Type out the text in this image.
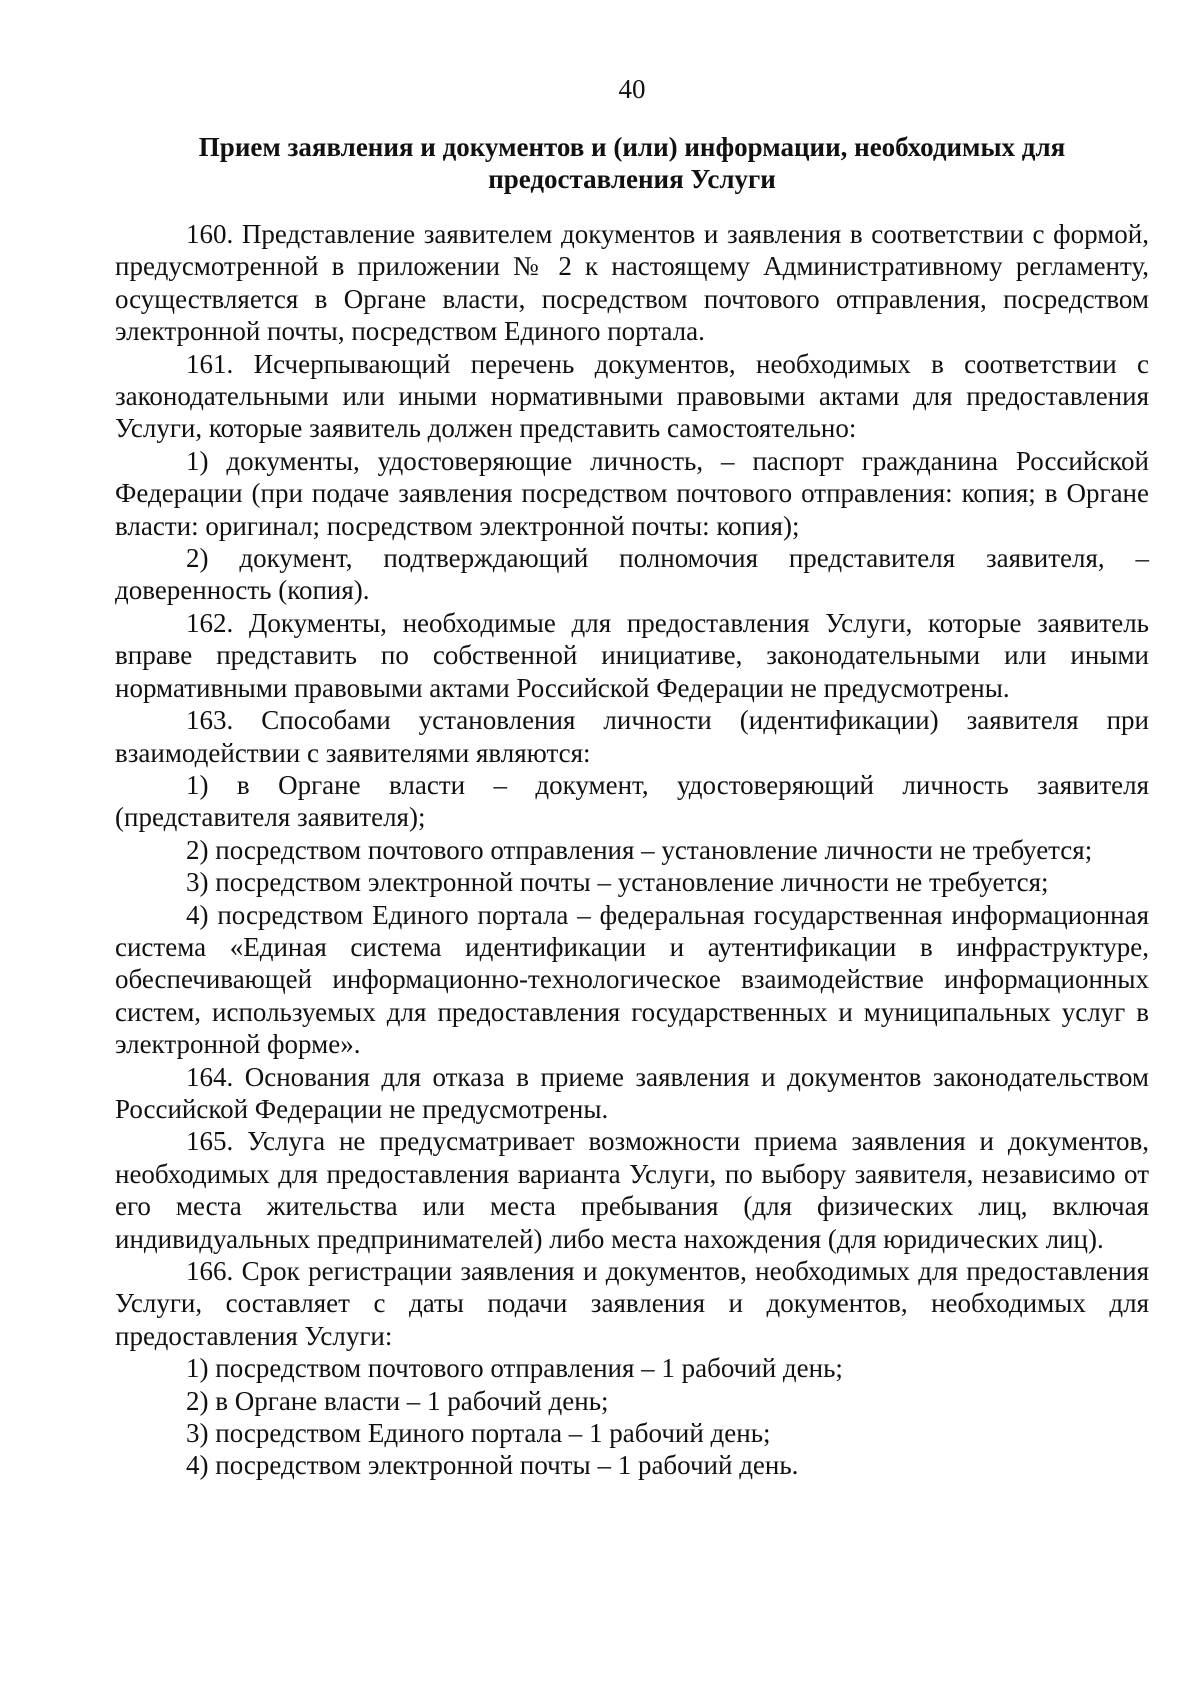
40
Прием заявления и документов и (или) информации, необходимых для
предоставления Услуги

160. Представление заявителем документов и заявления в соответствии с формой, предусмотренной в приложении № 2 к настоящему Административному регламенту, осуществляется в Органе власти, посредством почтового отправления, посредством электронной почты, посредством Единого портала.

161. Исчерпывающий перечень документов, необходимых в соответствии с законодательными или иными нормативными правовыми актами для предоставления Услуги, которые заявитель должен представить самостоятельно:

1) документы, удостоверяющие личность, – паспорт гражданина Российской Федерации (при подаче заявления посредством почтового отправления: копия; в Органе власти: оригинал; посредством электронной почты: копия);

2) документ, подтверждающий полномочия представителя заявителя, – доверенность (копия).

162. Документы, необходимые для предоставления Услуги, которые заявитель вправе представить по собственной инициативе, законодательными или иными нормативными правовыми актами Российской Федерации не предусмотрены.

163. Способами установления личности (идентификации) заявителя при взаимодействии с заявителями являются:

1) в Органе власти – документ, удостоверяющий личность заявителя (представителя заявителя);

2) посредством почтового отправления – установление личности не требуется;

3) посредством электронной почты – установление личности не требуется;

4) посредством Единого портала – федеральная государственная информационная система «Единая система идентификации и аутентификации в инфраструктуре, обеспечивающей информационно-технологическое взаимодействие информационных систем, используемых для предоставления государственных и муниципальных услуг в электронной форме».

164. Основания для отказа в приеме заявления и документов законодательством Российской Федерации не предусмотрены.

165. Услуга не предусматривает возможности приема заявления и документов, необходимых для предоставления варианта Услуги, по выбору заявителя, независимо от его места жительства или места пребывания (для физических лиц, включая индивидуальных предпринимателей) либо места нахождения (для юридических лиц).

166. Срок регистрации заявления и документов, необходимых для предоставления Услуги, составляет с даты подачи заявления и документов, необходимых для предоставления Услуги:

1) посредством почтового отправления – 1 рабочий день;

2) в Органе власти – 1 рабочий день;

3) посредством Единого портала – 1 рабочий день;

4) посредством электронной почты – 1 рабочий день.
